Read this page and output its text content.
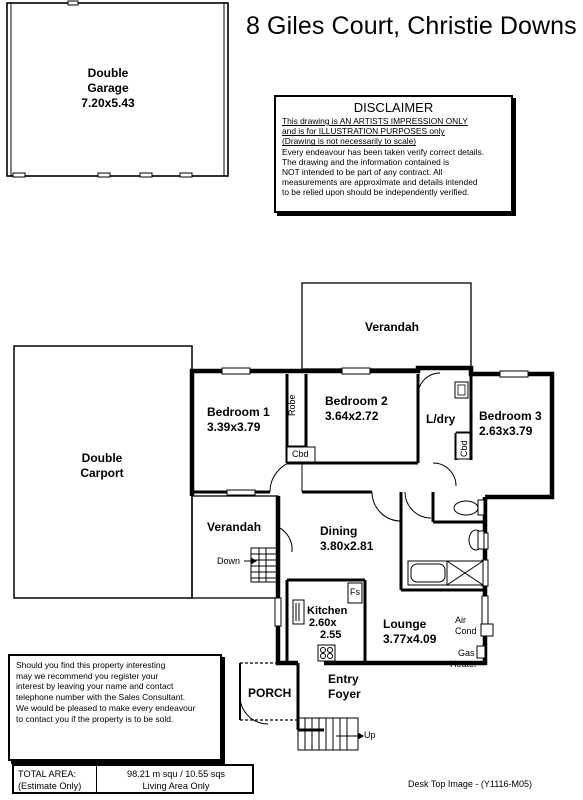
8 Giles Court, Christie Downs
Double
Garage
7.20x5.43
Verandah
Double
Carport
Bedroom 1
3.39x3.79
Robe
Cbd
Bedroom 2
3.64x2.72	L/dry
Cbd
Bedroom 3
2.63x3.79
Verandah
Down
Dining
3.80x2.81
Kitchen
2.60x
2.55
Fs
Lounge
3.77x4.09
Air
Cond
Gas
Heater
PORCH
Entry
Foyer
Up
DISCLAIMER
This drawing is AN ARTISTS IMPRESSION ONLY
and is for ILLUSTRATION PURPOSES only
(Drawing is not necessarily to scale)
Every endeavour has been taken verify correct details.
The drawing and the information contained is
NOT intended to be part of any contract. All
measurements are approximate and details intended
to be relied upon should be independently verified.
Should you find this property interesting
may we recommend you register your
interest by leaving your name and contact
telephone number with the Sales Consultant.
We would be pleased to make every endeavour
to contact you if the property is to be sold.
TOTAL AREA:
(Estimate Only)
98.21 m squ / 10.55 sqs
Living Area Only	Desk Top Image - (Y1116-M05)
